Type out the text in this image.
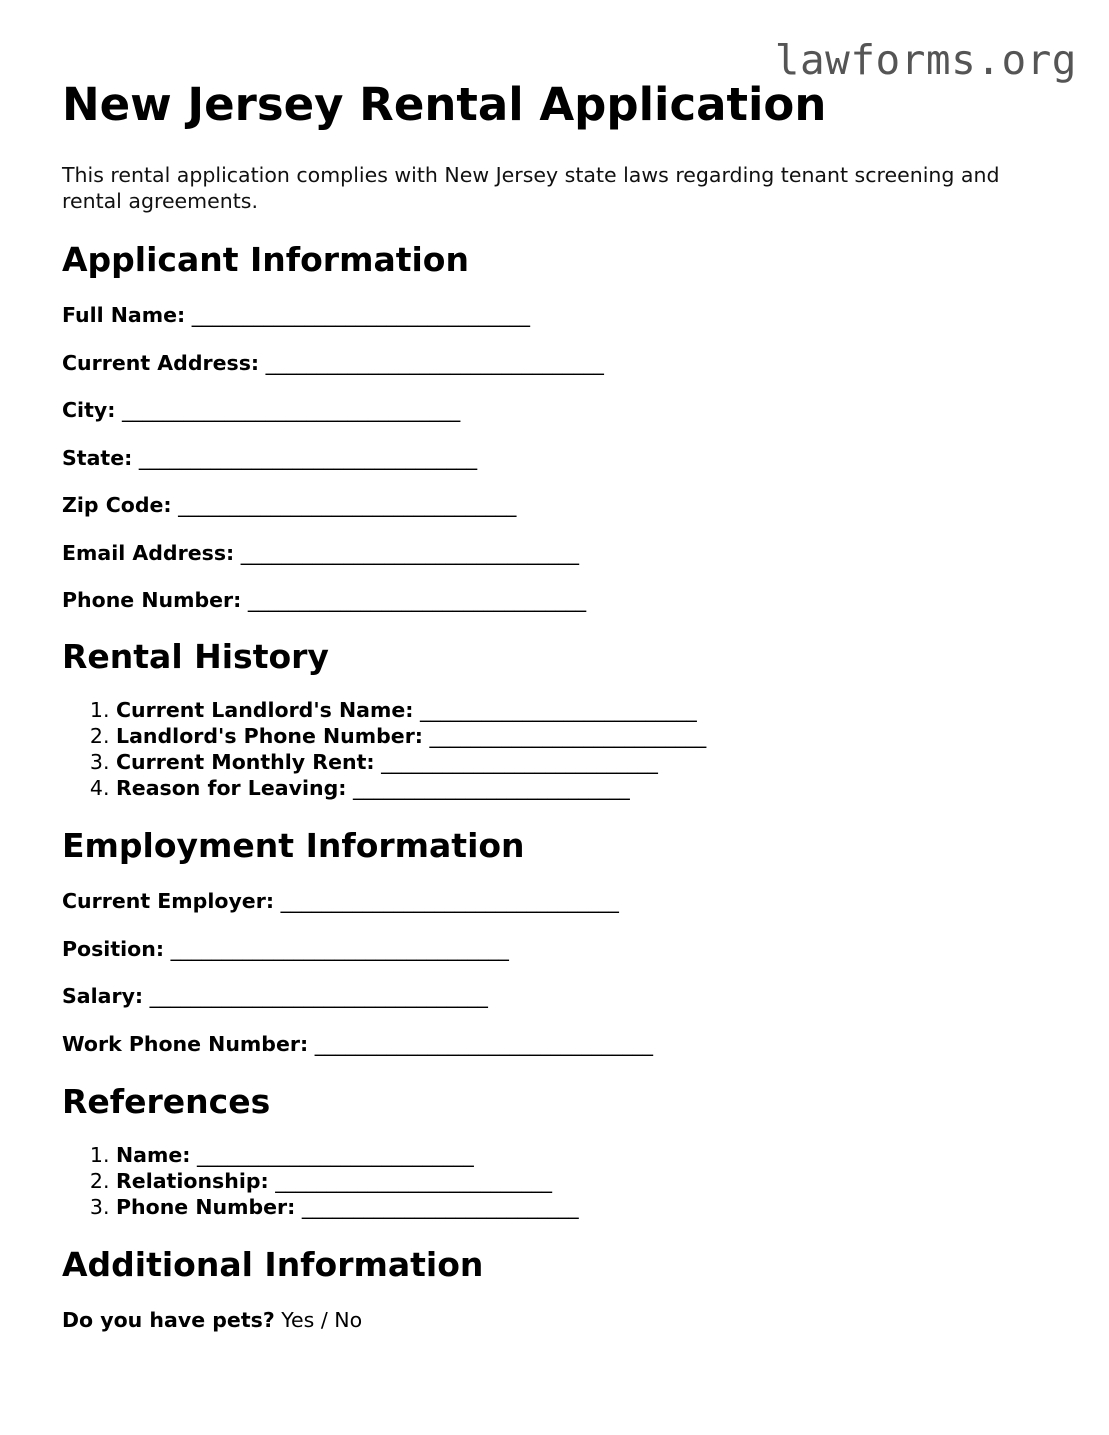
lawforms.org
New Jersey Rental Application

This rental application complies with New Jersey state laws regarding tenant screening and rental agreements.

Applicant Information
Full Name: _________________________________
Current Address: _________________________________
City: _________________________________
State: _________________________________
Zip Code: _________________________________
Email Address: _________________________________
Phone Number: _________________________________
Rental History
1. Current Landlord's Name: ___________________________
2. Landlord's Phone Number: ___________________________
3. Current Monthly Rent: ___________________________
4. Reason for Leaving: ___________________________
Employment Information
Current Employer: _________________________________
Position: _________________________________
Salary: _________________________________
Work Phone Number: _________________________________
References
1. Name: ___________________________
2. Relationship: ___________________________
3. Phone Number: ___________________________
Additional Information
Do you have pets? Yes / No
